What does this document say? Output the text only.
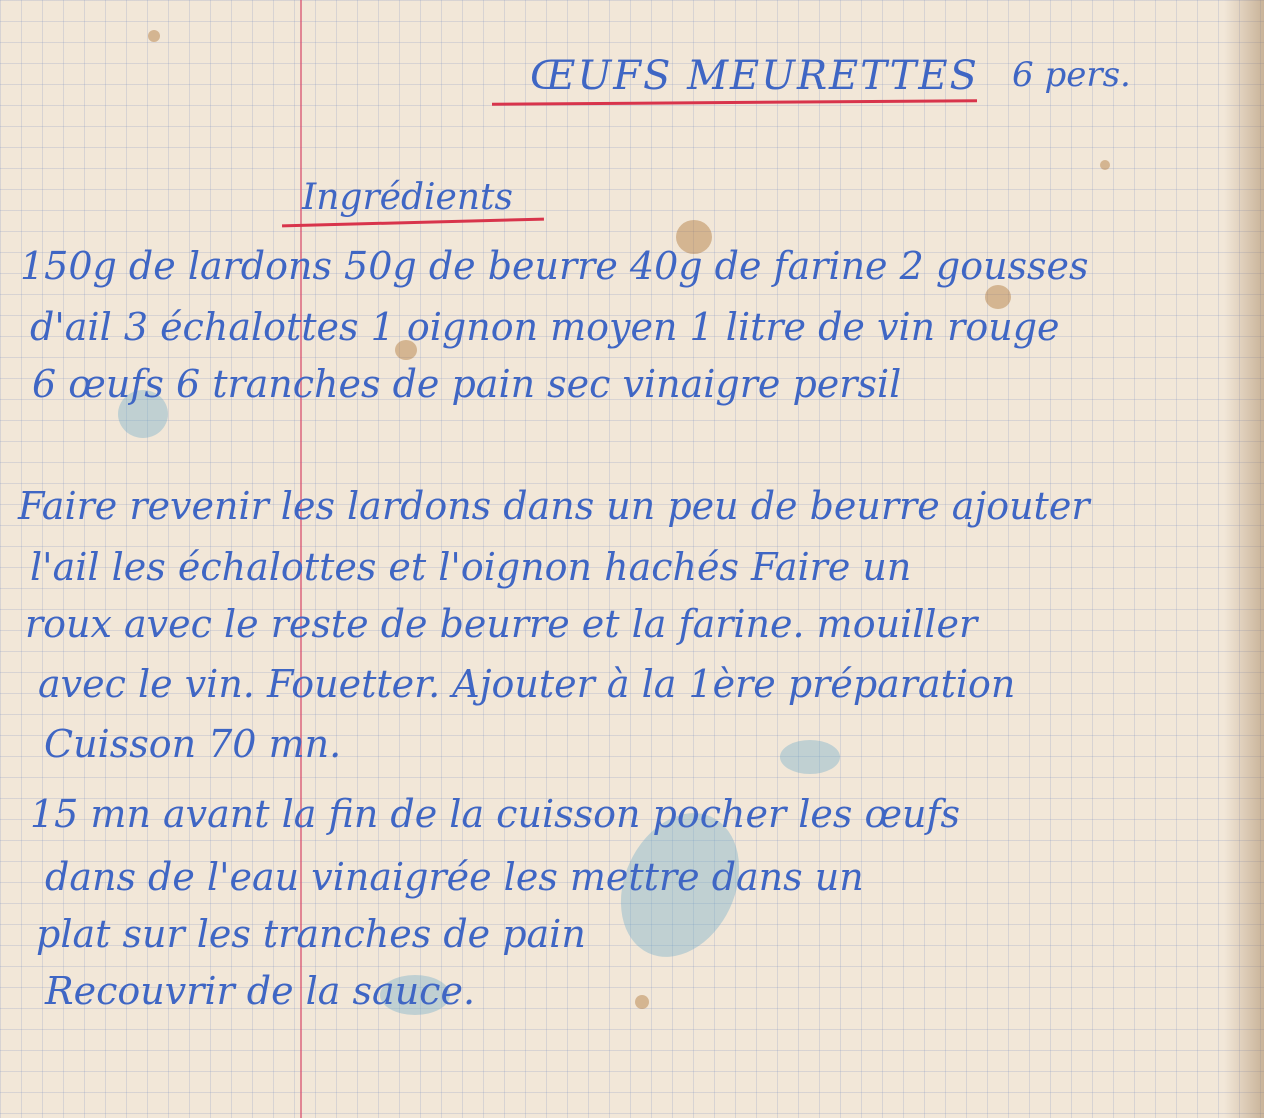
ŒUFS MEURETTES 6 pers.
Ingrédients
150g de lardons 50g de beurre 40g de farine 2 gousses
d'ail 3 échalottes 1 oignon moyen 1 litre de vin rouge
6 œufs 6 tranches de pain sec vinaigre persil
Faire revenir les lardons dans un peu de beurre ajouter
l'ail les échalottes et l'oignon hachés Faire un
roux avec le reste de beurre et la farine. mouiller
avec le vin. Fouetter. Ajouter à la 1ère préparation
Cuisson 70 mn.
15 mn avant la fin de la cuisson pocher les œufs
dans de l'eau vinaigrée les mettre dans un
plat sur les tranches de pain
Recouvrir de la sauce.
